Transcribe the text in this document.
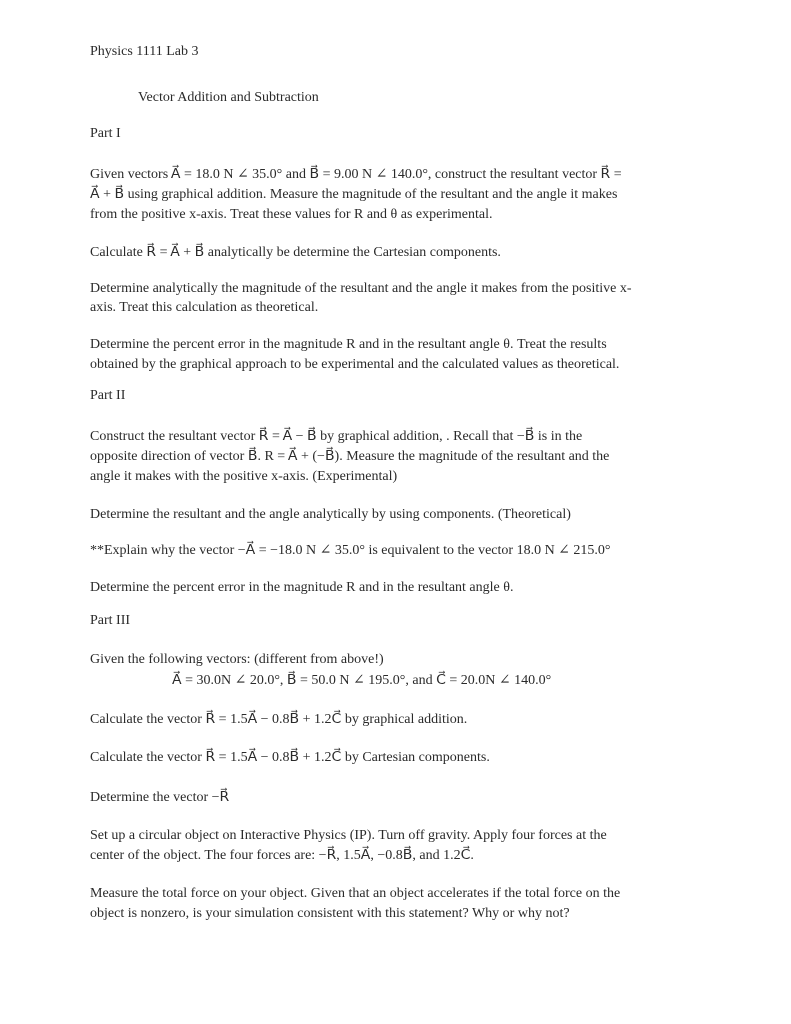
Physics 1111 Lab 3
Vector Addition and Subtraction
Part I
Given vectors A⃗ = 18.0 N ∠ 35.0° and B⃗ = 9.00 N ∠ 140.0°, construct the resultant vector R⃗ =
A⃗ + B⃗ using graphical addition. Measure the magnitude of the resultant and the angle it makes
from the positive x-axis. Treat these values for R and θ as experimental.
Calculate R⃗ = A⃗ + B⃗ analytically be determine the Cartesian components.
Determine analytically the magnitude of the resultant and the angle it makes from the positive x-
axis. Treat this calculation as theoretical.
Determine the percent error in the magnitude R and in the resultant angle θ. Treat the results
obtained by the graphical approach to be experimental and the calculated values as theoretical.
Part II
Construct the resultant vector R⃗ = A⃗ − B⃗ by graphical addition, . Recall that −B⃗ is in the
opposite direction of vector B⃗. R = A⃗ + (−B⃗). Measure the magnitude of the resultant and the
angle it makes with the positive x-axis. (Experimental)
Determine the resultant and the angle analytically by using components. (Theoretical)
**Explain why the vector −A⃗ = −18.0 N ∠ 35.0° is equivalent to the vector 18.0 N ∠ 215.0°
Determine the percent error in the magnitude R and in the resultant angle θ.
Part III
Given the following vectors: (different from above!)
A⃗ = 30.0N ∠ 20.0°, B⃗ = 50.0 N ∠ 195.0°, and C⃗ = 20.0N ∠ 140.0°
Calculate the vector R⃗ = 1.5A⃗ − 0.8B⃗ + 1.2C⃗ by graphical addition.
Calculate the vector R⃗ = 1.5A⃗ − 0.8B⃗ + 1.2C⃗ by Cartesian components.
Determine the vector −R⃗
Set up a circular object on Interactive Physics (IP). Turn off gravity. Apply four forces at the
center of the object. The four forces are: −R⃗, 1.5A⃗, −0.8B⃗, and 1.2C⃗.
Measure the total force on your object. Given that an object accelerates if the total force on the
object is nonzero, is your simulation consistent with this statement? Why or why not?
